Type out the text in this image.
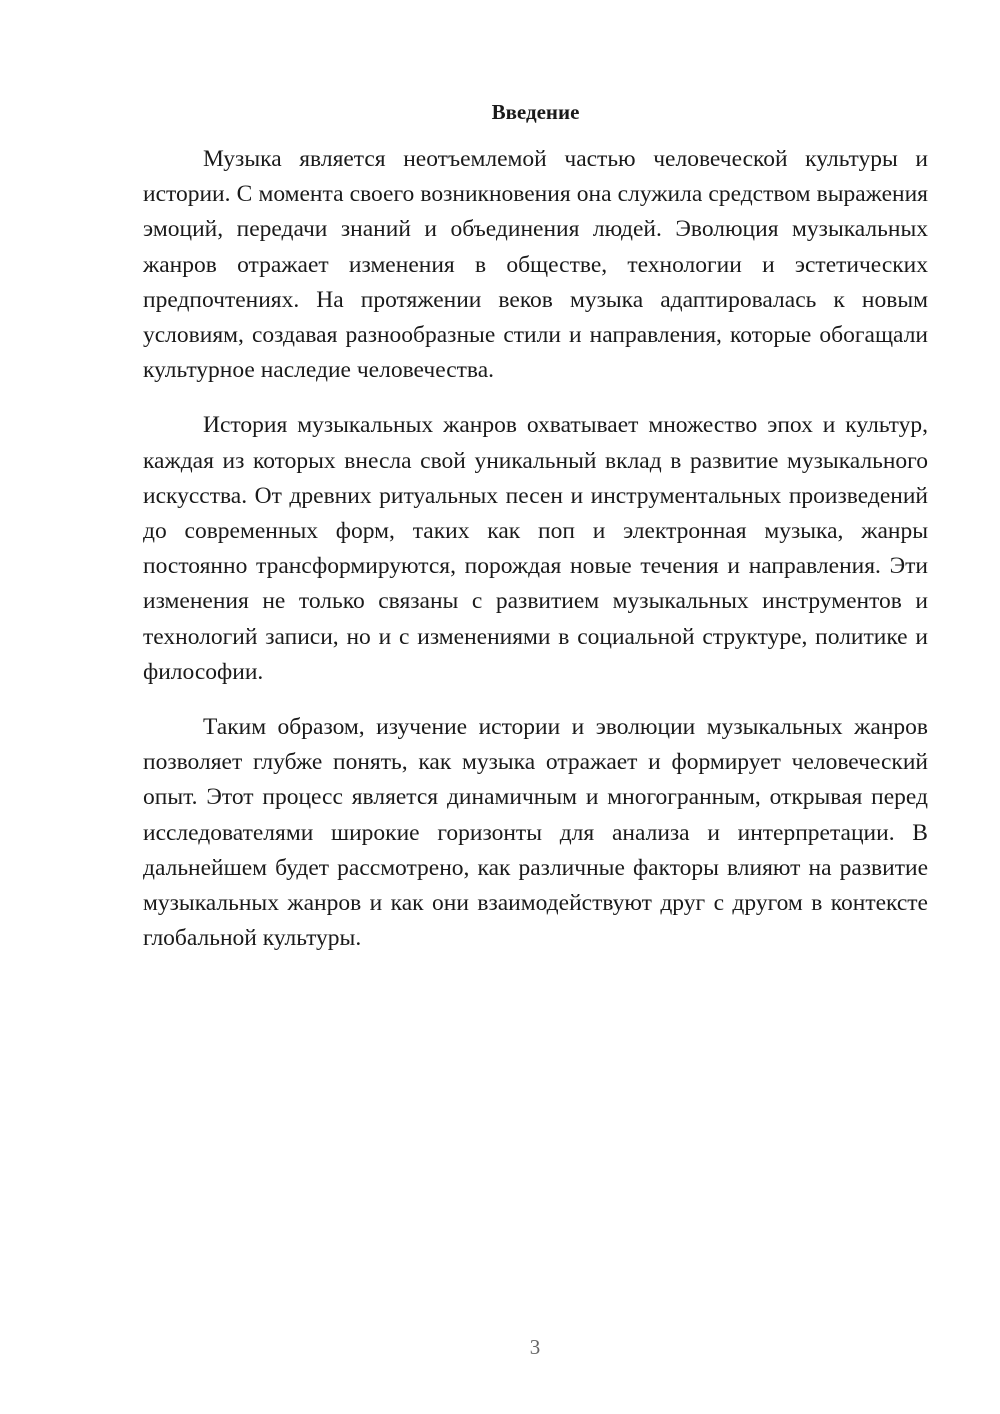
Введение

Музыка является неотъемлемой частью человеческой культуры и истории. С момента своего возникновения она служила средством выражения эмоций, передачи знаний и объединения людей. Эволюция музыкальных жанров отражает изменения в обществе, технологии и эстетических предпочтениях. На протяжении веков музыка адаптировалась к новым условиям, создавая разнообразные стили и направления, которые обогащали культурное наследие человечества.

История музыкальных жанров охватывает множество эпох и культур, каждая из которых внесла свой уникальный вклад в развитие музыкального искусства. От древних ритуальных песен и инструментальных произведений до современных форм, таких как поп и электронная музыка, жанры постоянно трансформируются, порождая новые течения и направления. Эти изменения не только связаны с развитием музыкальных инструментов и технологий записи, но и с изменениями в социальной структуре, политике и философии.

Таким образом, изучение истории и эволюции музыкальных жанров позволяет глубже понять, как музыка отражает и формирует человеческий опыт. Этот процесс является динамичным и многогранным, открывая перед исследователями широкие горизонты для анализа и интерпретации. В дальнейшем будет рассмотрено, как различные факторы влияют на развитие музыкальных жанров и как они взаимодействуют друг с другом в контексте глобальной культуры.

3
